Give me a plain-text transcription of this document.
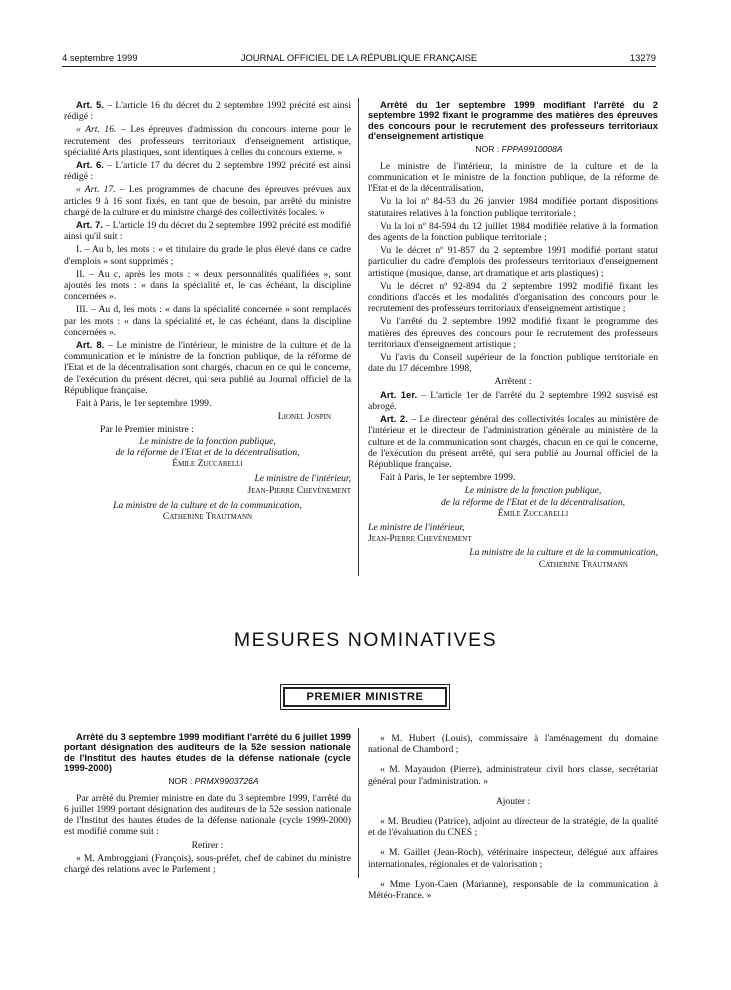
4 septembre 1999	JOURNAL OFFICIEL DE LA RÉPUBLIQUE FRANÇAISE	13279

Art. 5. – L'article 16 du décret du 2 septembre 1992 précité est ainsi rédigé :

« Art. 16. – Les épreuves d'admission du concours interne pour le recrutement des professeurs territoriaux d'enseignement artistique, spécialité Arts plastiques, sont identiques à celles du concours externe. »

Art. 6. – L'article 17 du décret du 2 septembre 1992 précité est ainsi rédigé :

« Art. 17. – Les programmes de chacune des épreuves prévues aux articles 9 à 16 sont fixés, en tant que de besoin, par arrêté du ministre chargé de la culture et du ministre chargé des collectivités locales. »

Art. 7. – L'article 19 du décret du 2 septembre 1992 précité est modifié ainsi qu'il suit :

I. – Au b, les mots : « et titulaire du grade le plus élevé dans ce cadre d'emplois » sont supprimés ;

II. – Au c, après les mots : « deux personnalités qualifiées », sont ajoutés les mots : « dans la spécialité et, le cas échéant, la discipline concernées ».

III. – Au d, les mots : « dans la spécialité concernée » sont remplacés par les mots : « dans la spécialité et, le cas échéant, dans la discipline concernées ».

Art. 8. – Le ministre de l'intérieur, le ministre de la culture et de la communication et le ministre de la fonction publique, de la réforme de l'Etat et de la décentralisation sont chargés, chacun en ce qui le concerne, de l'exécution du présent décret, qui sera publié au Journal officiel de la République française.

Fait à Paris, le 1er septembre 1999.

Lionel Jospin

Par le Premier ministre :

Le ministre de la fonction publique,

de la réforme de l'Etat et de la décentralisation,

Émile Zuccarelli

Le ministre de l'intérieur,

Jean-Pierre Chevènement

La ministre de la culture et de la communication,

Catherine Trautmann

Arrêté du 1er septembre 1999 modifiant l'arrêté du 2 septembre 1992 fixant le programme des matières des épreuves des concours pour le recrutement des professeurs territoriaux d'enseignement artistique

NOR : FPPA9910008A

Le ministre de l'intérieur, la ministre de la culture et de la communication et le ministre de la fonction publique, de la réforme de l'Etat et de la décentralisation,

Vu la loi nº 84-53 du 26 janvier 1984 modifiée portant dispositions statutaires relatives à la fonction publique territoriale ;

Vu la loi nº 84-594 du 12 juillet 1984 modifiée relative à la formation des agents de la fonction publique territoriale ;

Vu le décret nº 91-857 du 2 septembre 1991 modifié portant statut particulier du cadre d'emplois des professeurs territoriaux d'enseignement artistique (musique, danse, art dramatique et arts plastiques) ;

Vu le décret nº 92-894 du 2 septembre 1992 modifié fixant les conditions d'accès et les modalités d'organisation des concours pour le recrutement des professeurs territoriaux d'enseignement artistique ;

Vu l'arrêté du 2 septembre 1992 modifié fixant le programme des matières des épreuves des concours pour le recrutement des professeurs territoriaux d'enseignement artistique ;

Vu l'avis du Conseil supérieur de la fonction publique territoriale en date du 17 décembre 1998,

Arrêtent :

Art. 1er. – L'article 1er de l'arrêté du 2 septembre 1992 susvisé est abrogé.

Art. 2. – Le directeur général des collectivités locales au ministère de l'intérieur et le directeur de l'administration générale au ministère de la culture et de la communication sont chargés, chacun en ce qui le concerne, de l'exécution du présent arrêté, qui sera publié au Journal officiel de la République française.

Fait à Paris, le 1er septembre 1999.

Le ministre de la fonction publique,

de la réforme de l'Etat et de la décentralisation,

Émile Zuccarelli

Le ministre de l'intérieur,

Jean-Pierre Chevènement

La ministre de la culture et de la communication,

Catherine Trautmann

MESURES NOMINATIVES
PREMIER MINISTRE

Arrêté du 3 septembre 1999 modifiant l'arrêté du 6 juillet 1999 portant désignation des auditeurs de la 52e session nationale de l'Institut des hautes études de la défense nationale (cycle 1999-2000)

NOR : PRMX9903726A

Par arrêté du Premier ministre en date du 3 septembre 1999, l'arrêté du 6 juillet 1999 portant désignation des auditeurs de la 52e session nationale de l'Institut des hautes études de la défense nationale (cycle 1999-2000) est modifié comme suit :

Retirer :

« M. Ambroggiani (François), sous-préfet, chef de cabinet du ministre chargé des relations avec le Parlement ;

« M. Hubert (Louis), commissaire à l'aménagement du domaine national de Chambord ;

« M. Mayaudon (Pierre), administrateur civil hors classe, secrétariat général pour l'administration. »

Ajouter :

« M. Brudieu (Patrice), adjoint au directeur de la stratégie, de la qualité et de l'évaluation du CNES ;

« M. Gaillet (Jean-Roch), vétérinaire inspecteur, délégué aux affaires internationales, régionales et de valorisation ;

« Mme Lyon-Caen (Marianne), responsable de la communication à Météo-France. »
